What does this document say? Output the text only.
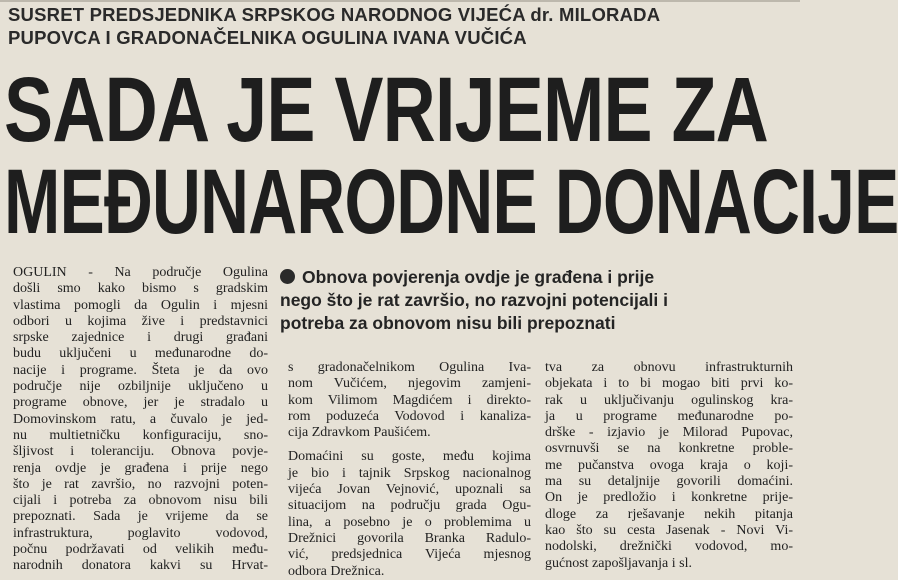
SUSRET PREDSJEDNIKA SRPSKOG NARODNOG VIJEĆA dr. MILORADA
PUPOVCA I GRADONAČELNIKA OGULINA IVANA VUČIĆA
SADA JE VRIJEME ZA
MEĐUNARODNE DONACIJE
OGULIN - Na područje Ogulina
došli smo kako bismo s gradskim
vlastima pomogli da Ogulin i mjesni
odbori u kojima žive i predstavnici
srpske zajednice i drugi građani
budu uključeni u međunarodne do-
nacije i programe. Šteta je da ovo
područje nije ozbiljnije uključeno u
programe obnove, jer je stradalo u
Domovinskom ratu, a čuvalo je jed-
nu multietničku konfiguraciju, sno-
šljivost i toleranciju. Obnova povje-
renja ovdje je građena i prije nego
što je rat završio, no razvojni poten-
cijali i potreba za obnovom nisu bili
prepoznati. Sada je vrijeme da se
infrastruktura, poglavito vodovod,
počnu podržavati od velikih među-
narodnih donatora kakvi su Hrvat-
Obnova povjerenja ovdje je građena i prije
nego što je rat završio, no razvojni potencijali i
potreba za obnovom nisu bili prepoznati
s gradonačelnikom Ogulina Iva-
nom Vučićem, njegovim zamjeni-
kom Vilimom Magdićem i direkto-
rom poduzeća Vodovod i kanaliza-
cija Zdravkom Paušićem.
Domaćini su goste, među kojima
je bio i tajnik Srpskog nacionalnog
vijeća Jovan Vejnović, upoznali sa
situacijom na području grada Ogu-
lina, a posebno je o problemima u
Drežnici govorila Branka Radulo-
vić, predsjednica Vijeća mjesnog
odbora Drežnica.
tva za obnovu infrastrukturnih
objekata i to bi mogao biti prvi ko-
rak u uključivanju ogulinskog kra-
ja u programe međunarodne po-
drške - izjavio je Milorad Pupovac,
osvrnuvši se na konkretne proble-
me pučanstva ovoga kraja o koji-
ma su detaljnije govorili domaćini.
On je predložio i konkretne prije-
dloge za rješavanje nekih pitanja
kao što su cesta Jasenak - Novi Vi-
nodolski, drežnički vodovod, mo-
gućnost zapošljavanja i sl.
